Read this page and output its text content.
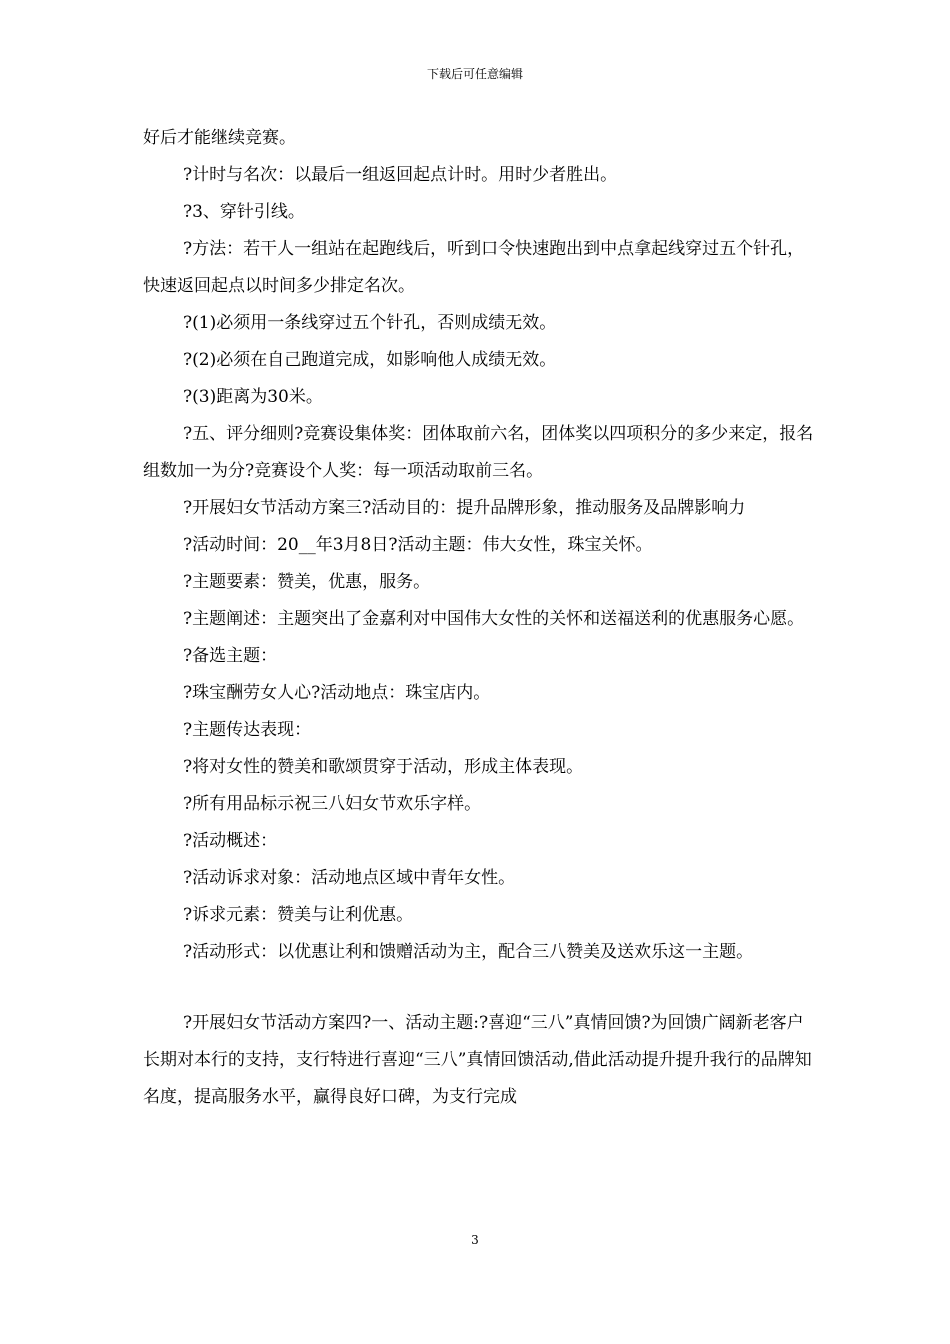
下载后可任意编辑

好后才能继续竞赛。

?计时与名次：以最后一组返回起点计时。用时少者胜出。

?3、穿针引线。

?方法：若干人一组站在起跑线后，听到口令快速跑出到中点拿起线穿过五个针孔，快速返回起点以时间多少排定名次。

?(1)必须用一条线穿过五个针孔，否则成绩无效。

?(2)必须在自己跑道完成，如影响他人成绩无效。

?(3)距离为30米。

?五、评分细则?竞赛设集体奖：团体取前六名，团体奖以四项积分的多少来定，报名组数加一为分?竞赛设个人奖：每一项活动取前三名。

?开展妇女节活动方案三?活动目的：提升品牌形象，推动服务及品牌影响力

?活动时间：20__年3月8日?活动主题：伟大女性，珠宝关怀。

?主题要素：赞美，优惠，服务。

?主题阐述：主题突出了金嘉利对中国伟大女性的关怀和送福送利的优惠服务心愿。

?备选主题：

?珠宝酬劳女人心?活动地点：珠宝店内。

?主题传达表现：

?将对女性的赞美和歌颂贯穿于活动，形成主体表现。

?所有用品标示祝三八妇女节欢乐字样。

?活动概述：

?活动诉求对象：活动地点区域中青年女性。

?诉求元素：赞美与让利优惠。

?活动形式：以优惠让利和馈赠活动为主，配合三八赞美及送欢乐这一主题。

?开展妇女节活动方案四?一、活动主题:?喜迎“三八”真情回馈?为回馈广阔新老客户长期对本行的支持，支行特进行喜迎“三八”真情回馈活动,借此活动提升提升我行的品牌知名度，提高服务水平，赢得良好口碑，为支行完成

3
